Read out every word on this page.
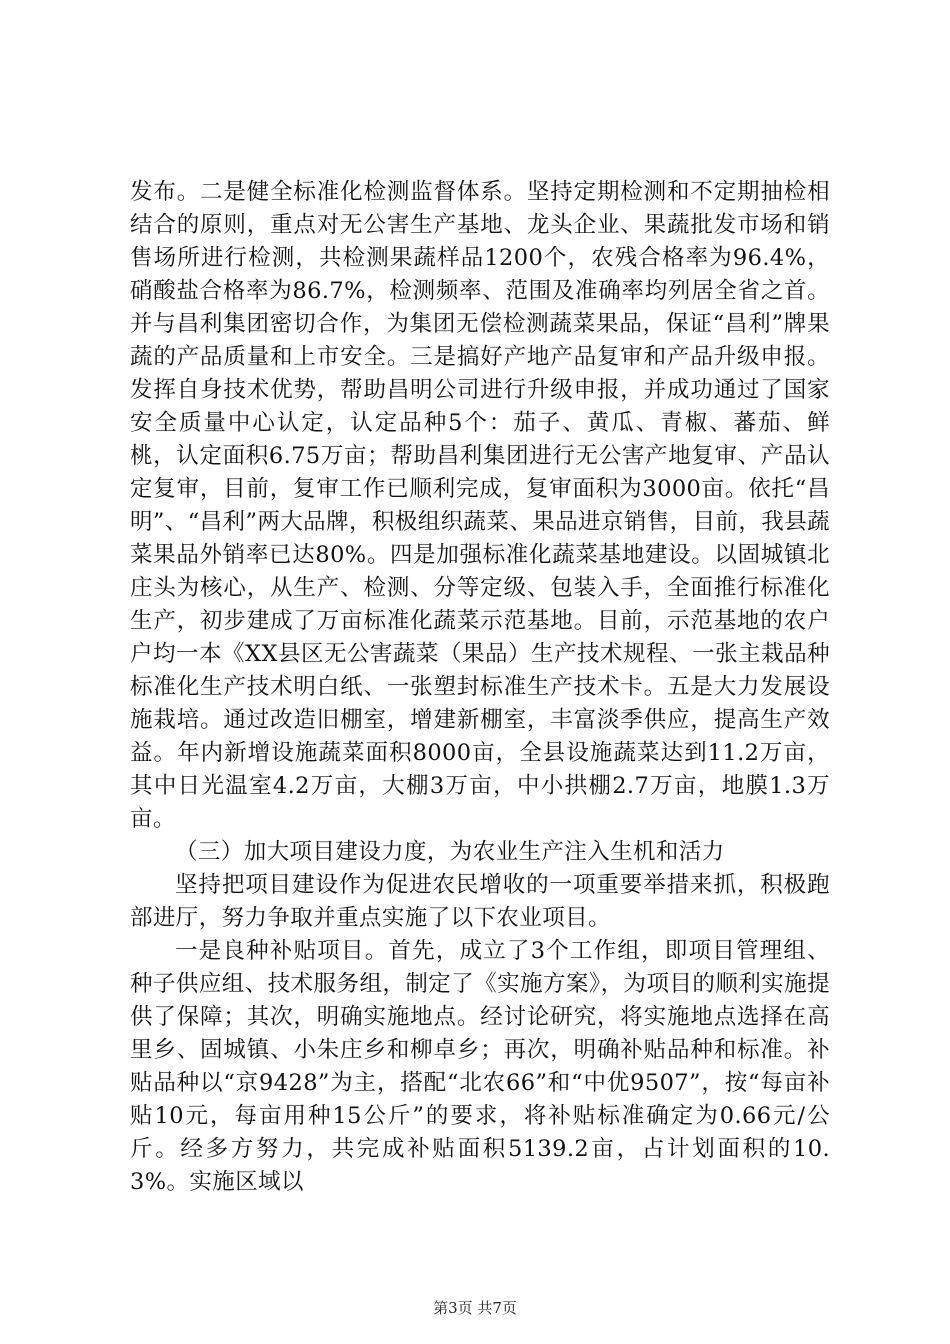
发布。二是健全标准化检测监督体系。坚持定期检测和不定期抽检相结合的原则，重点对无公害生产基地、龙头企业、果蔬批发市场和销售场所进行检测，共检测果蔬样品1200个，农残合格率为96.4%，硝酸盐合格率为86.7%，检测频率、范围及准确率均列居全省之首。并与昌利集团密切合作，为集团无偿检测蔬菜果品，保证“昌利”牌果蔬的产品质量和上市安全。三是搞好产地产品复审和产品升级申报。发挥自身技术优势，帮助昌明公司进行升级申报，并成功通过了国家安全质量中心认定，认定品种5个：茄子、黄瓜、青椒、蕃茄、鲜桃，认定面积6.75万亩；帮助昌利集团进行无公害产地复审、产品认定复审，目前，复审工作已顺利完成，复审面积为3000亩。依托“昌明”、“昌利”两大品牌，积极组织蔬菜、果品进京销售，目前，我县蔬菜果品外销率已达80%。四是加强标准化蔬菜基地建设。以固城镇北庄头为核心，从生产、检测、分等定级、包装入手，全面推行标准化生产，初步建成了万亩标准化蔬菜示范基地。目前，示范基地的农户户均一本《XX县区无公害蔬菜（果品）生产技术规程、一张主栽品种标准化生产技术明白纸、一张塑封标准生产技术卡。五是大力发展设施栽培。通过改造旧棚室，增建新棚室，丰富淡季供应，提高生产效益。年内新增设施蔬菜面积8000亩，全县设施蔬菜达到11.2万亩，其中日光温室4.2万亩，大棚3万亩，中小拱棚2.7万亩，地膜1.3万亩。

（三）加大项目建设力度，为农业生产注入生机和活力

坚持把项目建设作为促进农民增收的一项重要举措来抓，积极跑部进厅，努力争取并重点实施了以下农业项目。

一是良种补贴项目。首先，成立了3个工作组，即项目管理组、种子供应组、技术服务组，制定了《实施方案》，为项目的顺利实施提供了保障；其次，明确实施地点。经讨论研究，将实施地点选择在高里乡、固城镇、小朱庄乡和柳卓乡；再次，明确补贴品种和标准。补贴品种以“京9428”为主，搭配“北农66”和“中优9507”，按“每亩补贴10元，每亩用种15公斤”的要求，将补贴标准确定为0.66元/公斤。经多方努力，共完成补贴面积5139.2亩，占计划面积的10.3%。实施区域以

第3页 共7页
